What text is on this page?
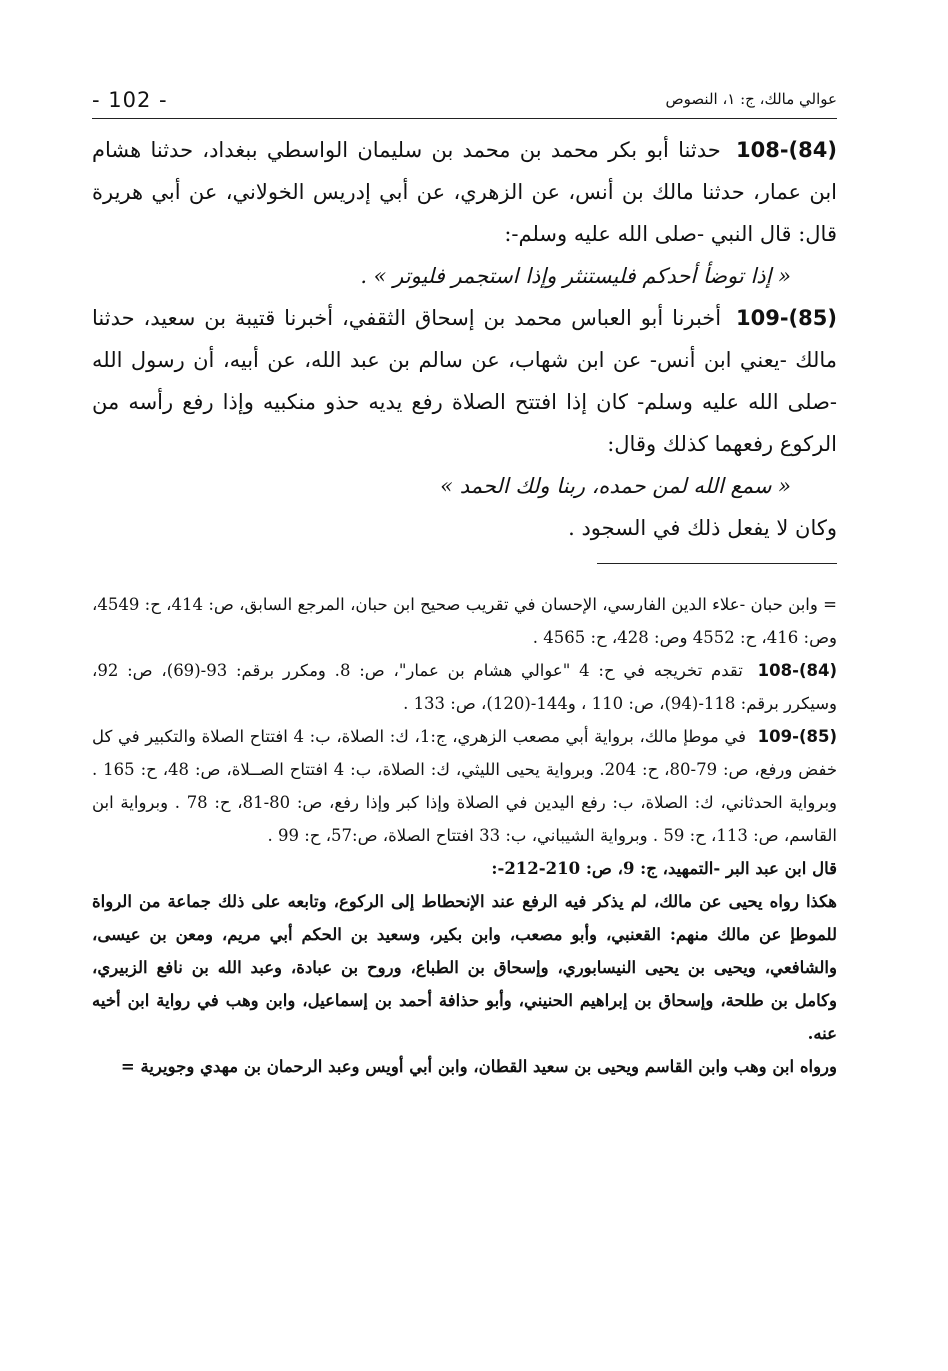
- 102 -	عوالي مالك، ج: ١، النصوص
108-(84) حدثنا أبو بكر محمد بن محمد بن سليمان الواسطي ببغداد، حدثنا هشام ابن عمار، حدثنا مالك بن أنس، عن الزهري، عن أبي إدريس الخولاني، عن أبي هريرة قال: قال النبي -صلى الله عليه وسلم-:
« إذا توضأ أحدكم فليستنثر وإذا استجمر فليوتر » .
109-(85) أخبرنا أبو العباس محمد بن إسحاق الثقفي، أخبرنا قتيبة بن سعيد، حدثنا مالك -يعني ابن أنس- عن ابن شهاب، عن سالم بن عبد الله، عن أبيه، أن رسول الله -صلى الله عليه وسلم- كان إذا افتتح الصلاة رفع يديه حذو منكبيه وإذا رفع رأسه من الركوع رفعهما كذلك وقال:
« سمع الله لمن حمده، ربنا ولك الحمد »
وكان لا يفعل ذلك في السجود .
= وابن حبان -علاء الدين الفارسي، الإحسان في تقريب صحيح ابن حبان، المرجع السابق، ص: 414، ح: 4549، وص: 416، ح: 4552 وص: 428، ح: 4565 .
108-(84) تقدم تخريجه في ح: 4 "عوالي هشام بن عمار"، ص: 8. ومكرر برقم: 93-(69)، ص: 92، وسيكرر برقم: 118-(94)، ص: 110 ، و144-(120)، ص: 133 .
109-(85) في موطإ مالك، برواية أبي مصعب الزهري، ج:1، ك: الصلاة، ب: 4 افتتاح الصلاة والتكبير في كل خفض ورفع، ص: 79-80، ح: 204. وبرواية يحيى الليثي، ك: الصلاة، ب: 4 افتتاح الصــلاة، ص: 48، ح: 165 . وبرواية الحدثاني، ك: الصلاة، ب: رفع اليدين في الصلاة وإذا كبر وإذا رفع، ص: 80-81، ح: 78 . وبرواية ابن القاسم، ص: 113، ح: 59 . وبرواية الشيباني، ب: 33 افتتاح الصلاة، ص:57، ح: 99 .
قال ابن عبد البر -التمهيد، ج: 9، ص: 210-212-:
هكذا رواه يحيى عن مالك، لم يذكر فيه الرفع عند الإنحطاط إلى الركوع، وتابعه على ذلك جماعة من الرواة للموطإ عن مالك منهم: القعنبي، وأبو مصعب، وابن بكير، وسعيد بن الحكم أبي مريم، ومعن بن عيسى، والشافعي، ويحيى بن يحيى النيسابوري، وإسحاق بن الطباع، وروح بن عبادة، وعبد الله بن نافع الزبيري، وكامل بن طلحة، وإسحاق بن إبراهيم الحنيني، وأبو حذافة أحمد بن إسماعيل، وابن وهب في رواية ابن أخيه عنه.
ورواه ابن وهب وابن القاسم ويحيى بن سعيد القطان، وابن أبي أويس وعبد الرحمان بن مهدي وجويرية =
